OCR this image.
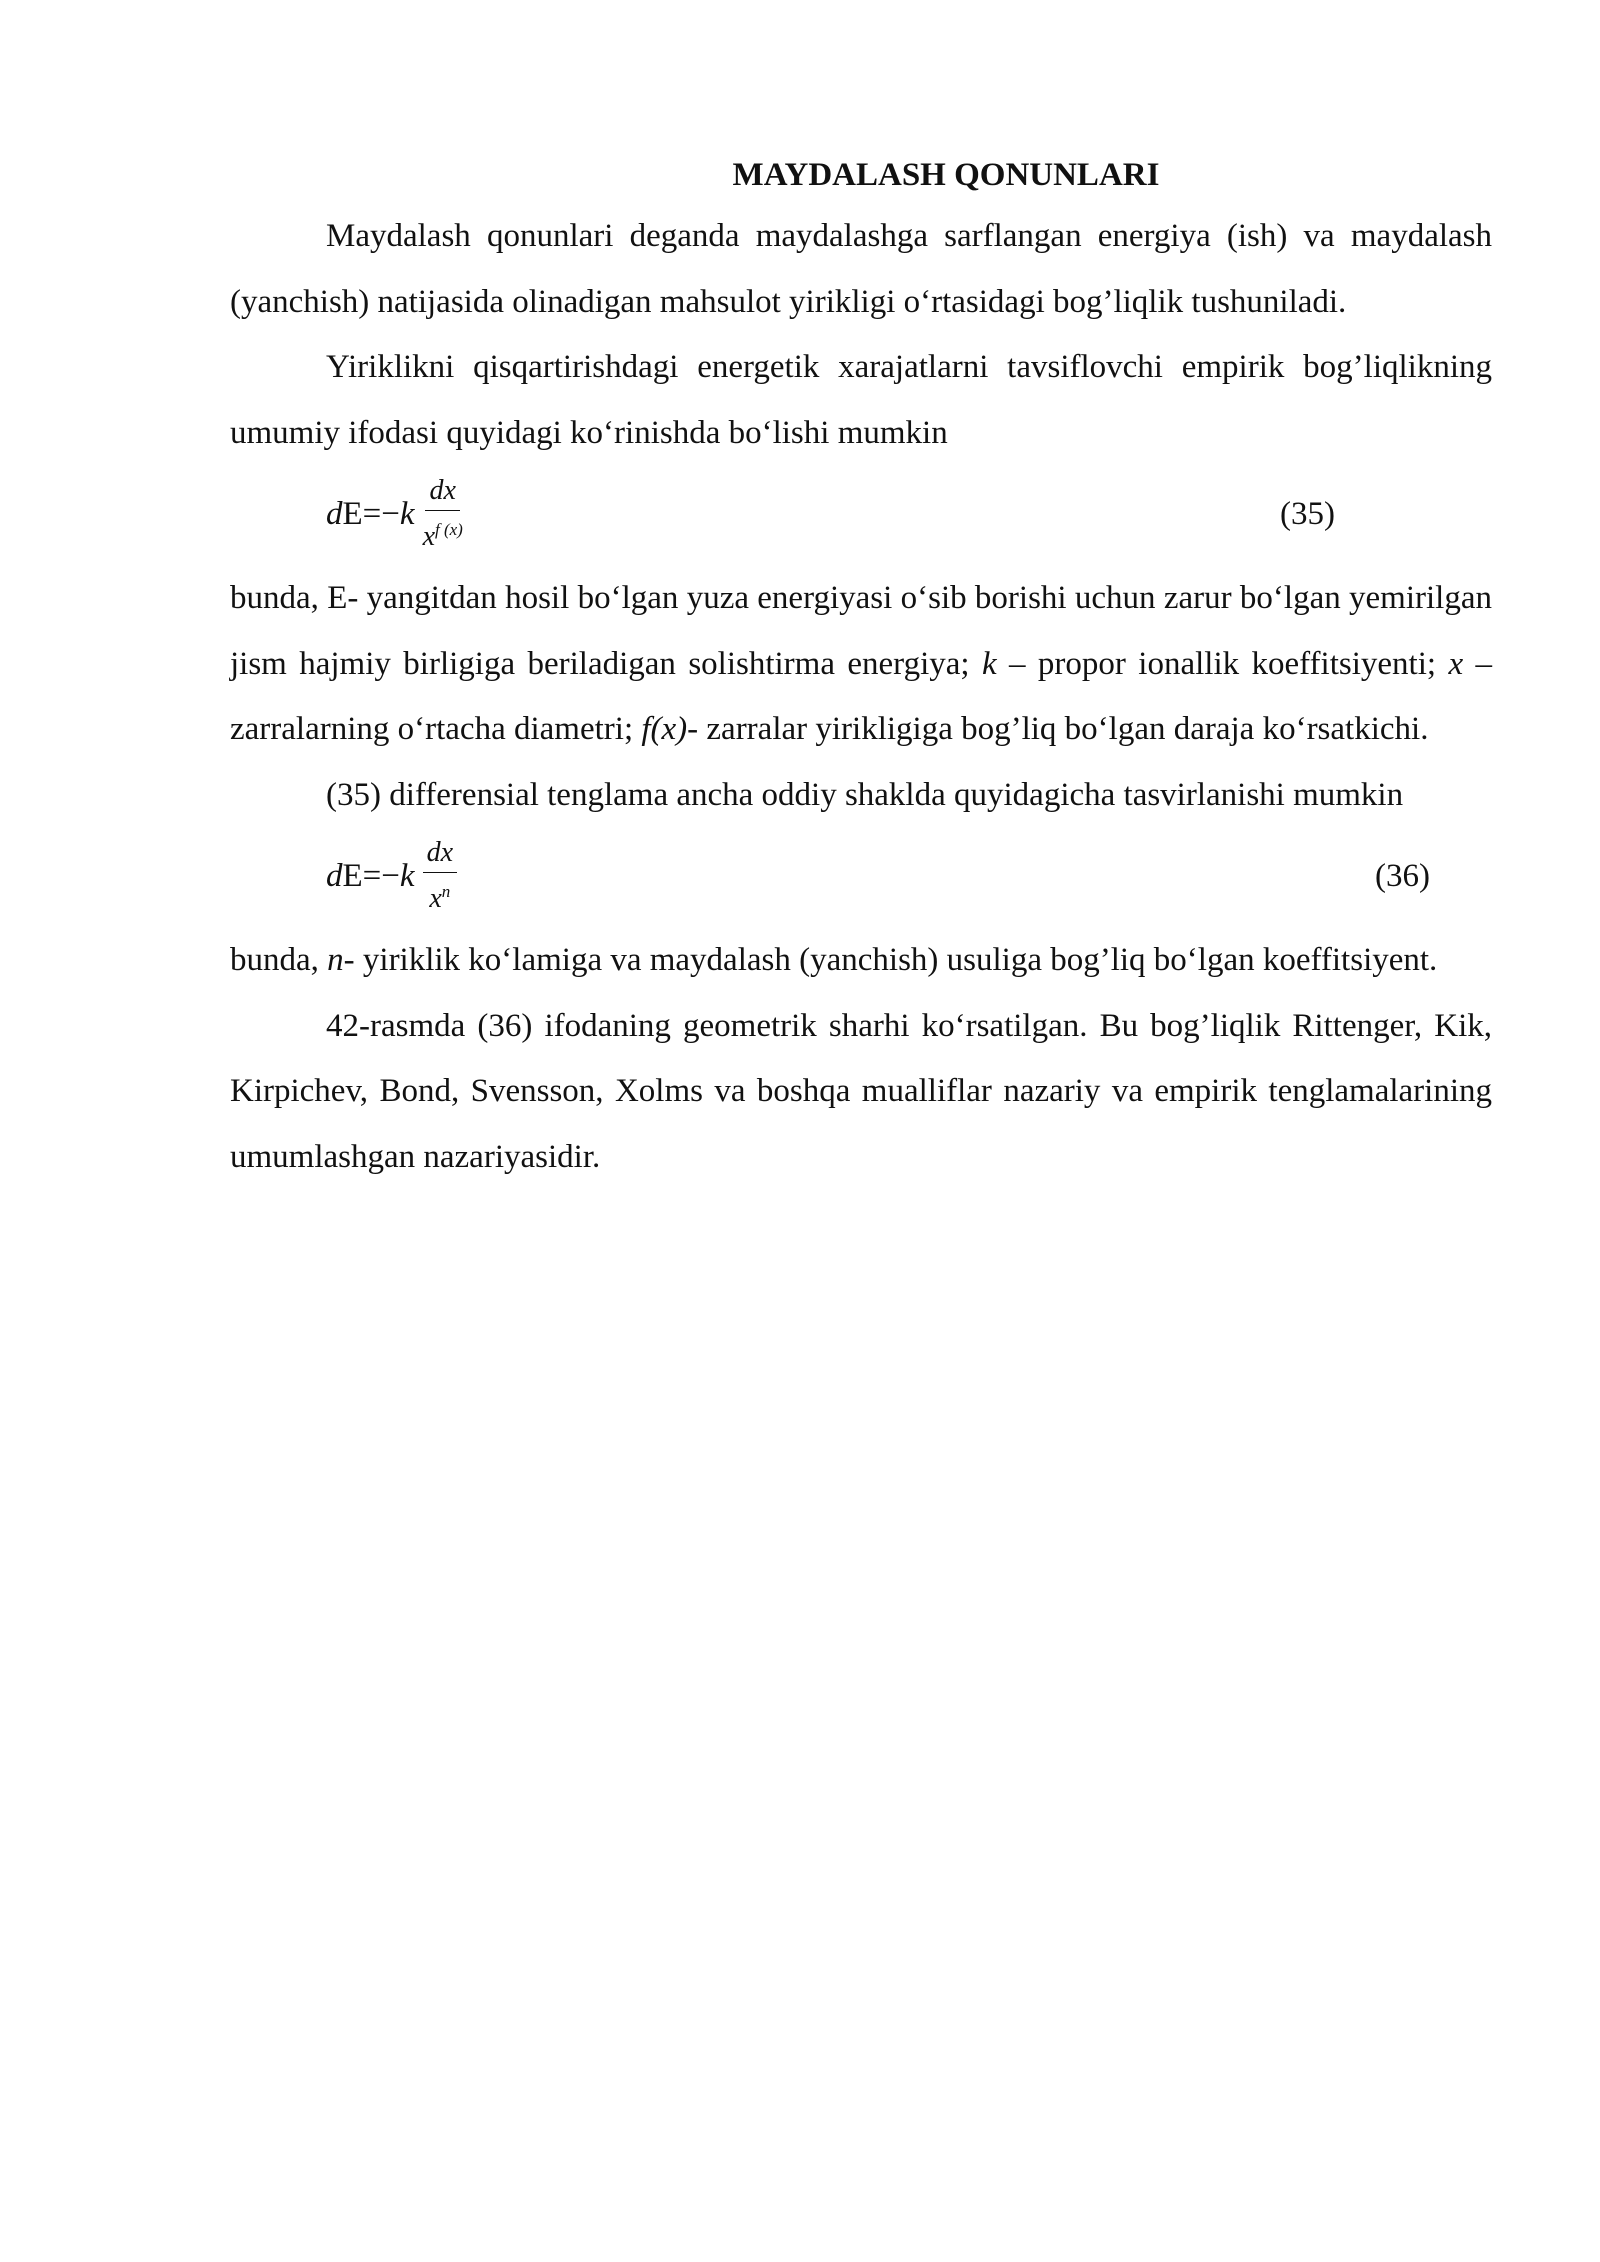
MAYDALASH QONUNLARI

Maydalash qonunlari deganda maydalashga sarflangan energiya (ish) va maydalash (yanchish) natijasida olinadigan mahsulot yirikligi o‘rtasidagi bog’liqlik tushuniladi.

Yiriklikni qisqartirishdagi energetik xarajatlarni tavsiflovchi empirik bog’liqlikning umumiy ifodasi quyidagi ko‘rinishda bo‘lishi mumkin

d E =− k $\frac{dx}{x^{f (x)}}$	(35)

bunda, E- yangitdan hosil bo‘lgan yuza energiyasi o‘sib borishi uchun zarur bo‘lgan yemirilgan jism hajmiy birligiga beriladigan solishtirma energiya; k – propor ionallik koeffitsiyenti; x – zarralarning o‘rtacha diametri; f(x)- zarralar yirikligiga bog’liq bo‘lgan daraja ko‘rsatkichi.

(35) differensial tenglama ancha oddiy shaklda quyidagicha tasvirlanishi mumkin

d E =− k $\frac{dx}{x^n}$	(36)

bunda, n- yiriklik ko‘lamiga va maydalash (yanchish) usuliga bog’liq bo‘lgan koeffitsiyent.

42-rasmda (36) ifodaning geometrik sharhi ko‘rsatilgan. Bu bog’liqlik Rittenger, Kik, Kirpichev, Bond, Svensson, Xolms va boshqa mualliflar nazariy va empirik tenglamalarining umumlashgan nazariyasidir.
